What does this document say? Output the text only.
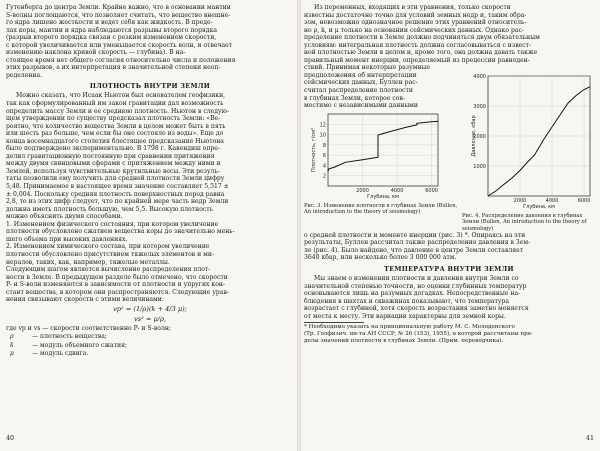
Гутенберга до центра Земли. Крайне важно, что в основании мантии

S-волны поглощаются, что позволяет считать, что вещество внешне-

го ядра лишено жесткости и ведет себя как жидкость. В преде-

лах коры, мантии и ядра наблюдаются разрывы второго порядка

(разрыв второго порядка связан с резким изменением скорости,

с которой увеличивается или уменьшается скорость волн, и отвечает

изменению наклона кривой скорость — глубина). В на-

стоящее время нет общего согласия относительно числа и положения

этих разрывов, а их интерпретация в значительной степени неоп-

ределенна.

ПЛОТНОСТЬ ВНУТРИ ЗЕМЛИ

Можно сказать, что Исаак Ньютон был основателем геофизики,

так как сформулированный им закон гравитации дал возможность

определить массу Земли и ее среднюю плотность. Ньютон в следую-

щем утверждении по существу предсказал плотность Земли: «Ве-

роятно, что количество вещества Земли в целом может быть в пять

или шесть раз больше, чем если бы оно состояло из воды». Еще до

конца восемнадцатого столетия блестящее предсказание Ньютона

было подтверждено экспериментально. В 1798 г. Кавендиш опре-

делил гравитационную постоянную при сравнении притяжения

между двумя свинцовыми сферами с притяжением между ними и

Землей, используя чувствительные крутильные весы. Эти резуль-

таты позволили ему получить для средней плотности Земли цифру

5,48. Принимаемое в настоящее время значение составляет 5,517 ±

± 0,004. Поскольку средняя плотность поверхностных пород равна

2,8, то из этих цифр следует, что по крайней мере часть недр Земли

должна иметь плотность большую, чем 5,5. Высокую плотность

можно объяснить двумя способами.

1. Изменением физического состояния, при котором увеличение

плотности обусловлено сжатием вещества коры до значительно мень-

шего объема при высоких давлениях.

2. Изменением химического состава, при котором увеличение

плотности обусловлено присутствием тяжелых элементов и ми-

нералов, таких, как, например, тяжелые металлы.

Следующим шагом является вычисление распределения плот-

ности в Земле. В предыдущем разделе было отмечено, что скорости

P- и S-волн изменяются в зависимости от плотности и упругих кон-

стант вещества, в котором они распространяются. Следующие урав-

нения связывают скорости с этими величинами:

vp² = (1/ρ)(k + 4/3 μ);
vs² = μ/ρ,

где vp и vs — скорости соответственно P- и S-волн;

ρ	— плотность вещества;
k	— модуль объемного сжатия;
μ	— модуль сдвига.
40

Из переменных, входящих в эти уравнения, только скорости

известны достаточно точно для условий земных недр и, таким обра-

зом, невозможно однозначное решение этих уравнений относитель-

но ρ, k, и μ только на основании сейсмических данных. Однако рас-

пределение плотности в Земле должно подчиняться двум обязательным

условиям: интегральная плотность должна согласовываться с извест-

ной плотностью Земли в целом и, кроме того, она должна давать также

правильный момент инерции, определяемый из прецессии равноден-

ствий. Принимая некоторые разумные

предположения об интерпретации

сейсмических данных, Буллен рас-

считал распределение плотности

в глубинах Земли, которое сов-

местимо с независимыми данными

2
4
6
8
10
12
2000	4000	6000
Глубина, км
Плотность, г/см³
Рис. 3. Изменение плотности в глубинах Земли (Bullen, An introduction to the theory of seismology)
1000
2000
3000
4000
2000	4000	6000
Глубина, км
Давление, кбар
Рис. 4. Распределение давления в глубинах Земли (Bullen, An introduction to the theory of seismology)

о средней плотности и моменте инерции (рис. 3) *. Опираясь на эти

результаты, Буллен рассчитал также распределение давления в Зем-

ле (рис. 4). Было найдено, что давление в центре Земли составляет

3640 кбар, или несколько более 3 000 000 атм.

ТЕМПЕРАТУРА ВНУТРИ ЗЕМЛИ

Мы знаем о изменении плотности и давления внутри Земли со

значительной степенью точности, но оценки глубинных температур

основываются лишь на разумных догадках. Непосредственные на-

блюдения в шахтах и скважинах показывают, что температура

возрастает с глубиной, хотя скорость возрастания заметно меняется

от места к месту. Эти вариации характерны для земной коры.

* Необходимо указать на принципиальную работу М. С. Молоденского

(Тр. Геофизич. ин-та АН СССР, № 26 (153), 1955), в которой рассчитаны пре-

делы значений плотности в глубинах Земли. (Прим. переводчика).

41
